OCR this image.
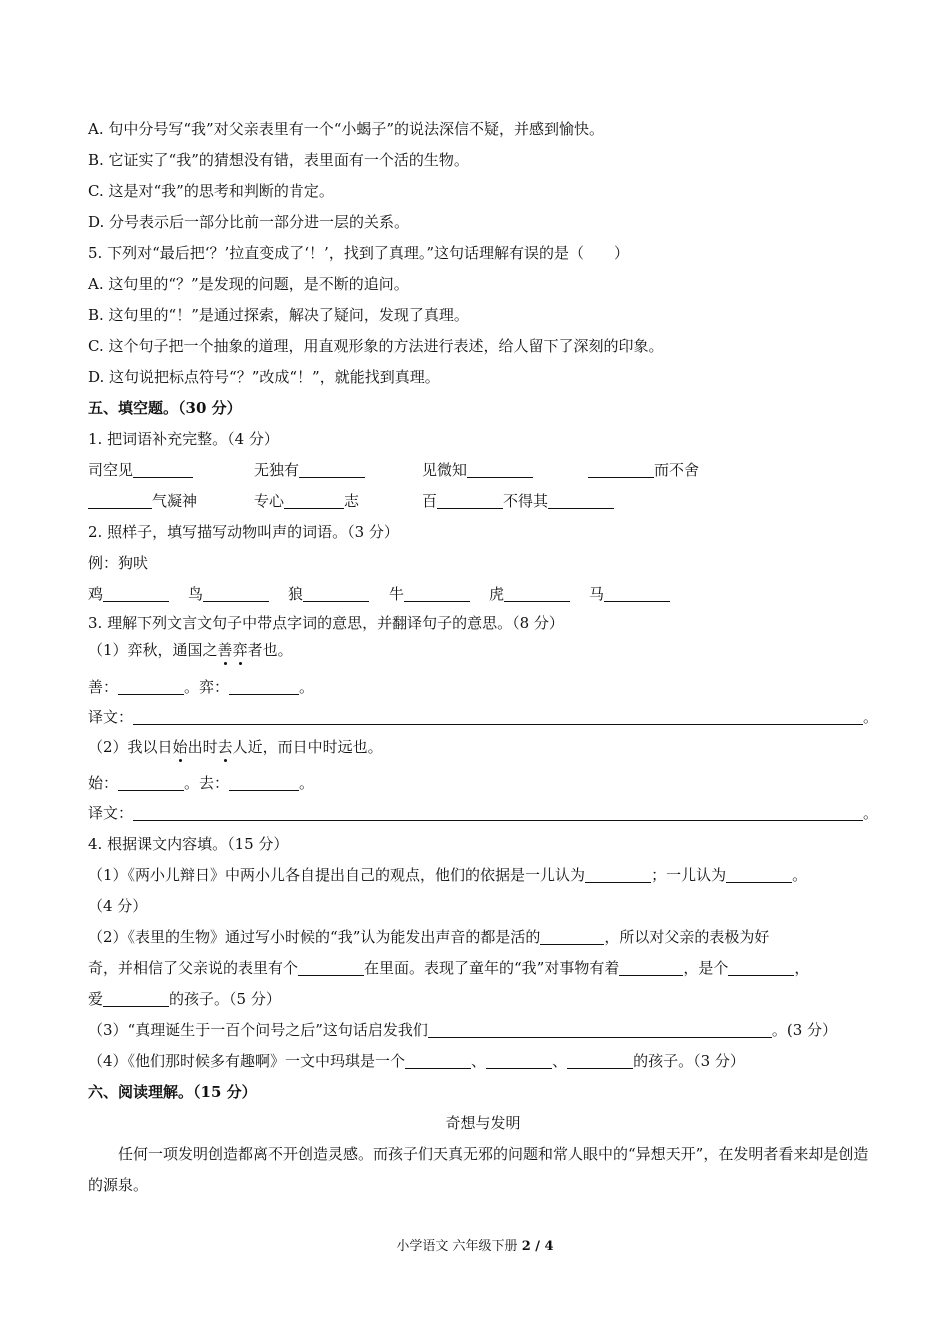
A. 句中分号写“我”对父亲表里有一个“小蝎子”的说法深信不疑，并感到愉快。
B. 它证实了“我”的猜想没有错，表里面有一个活的生物。
C. 这是对“我”的思考和判断的肯定。
D. 分号表示后一部分比前一部分进一层的关系。
5. 下列对“最后把‘？’拉直变成了‘！’，找到了真理。”这句话理解有误的是（　　）
A. 这句里的“？”是发现的问题，是不断的追问。
B. 这句里的“！”是通过探索，解决了疑问，发现了真理。
C. 这个句子把一个抽象的道理，用直观形象的方法进行表述，给人留下了深刻的印象。
D. 这句说把标点符号“？”改成“！”，就能找到真理。
五、填空题。（30 分）
1. 把词语补充完整。（4 分）
司空见	无独有	见微知	而不舍
气凝神	专心	志	百	不得其
2. 照样子，填写描写动物叫声的词语。（3 分）
例：狗吠
鸡	鸟	狼	牛	虎	马
3. 理解下列文言文句子中带点字词的意思，并翻译句子的意思。（8 分）
（1）弈秋，通国之善弈者也。
善：	。弈：	。
译文：	。
（2）我以日始出时去人近，而日中时远也。
始：	。去：	。
译文：	。
4. 根据课文内容填。（15 分）
（1）《两小儿辩日》中两小儿各自提出自己的观点，他们的依据是一儿认为	；一儿认为	。
（4 分）
（2）《表里的生物》通过写小时候的“我”认为能发出声音的都是活的	，所以对父亲的表极为好
奇，并相信了父亲说的表里有个	在里面。表现了童年的“我”对事物有着	，是个	，
爱	的孩子。（5 分）
（3）“真理诞生于一百个问号之后”这句话启发我们	。(3 分）
（4）《他们那时候多有趣啊》一文中玛琪是一个	、	、	的孩子。（3 分）
六、阅读理解。（15 分）
奇想与发明
任何一项发明创造都离不开创造灵感。而孩子们天真无邪的问题和常人眼中的“异想天开”，在发明者看来却是创造的源泉。
小学语文 六年级下册 2 / 4
